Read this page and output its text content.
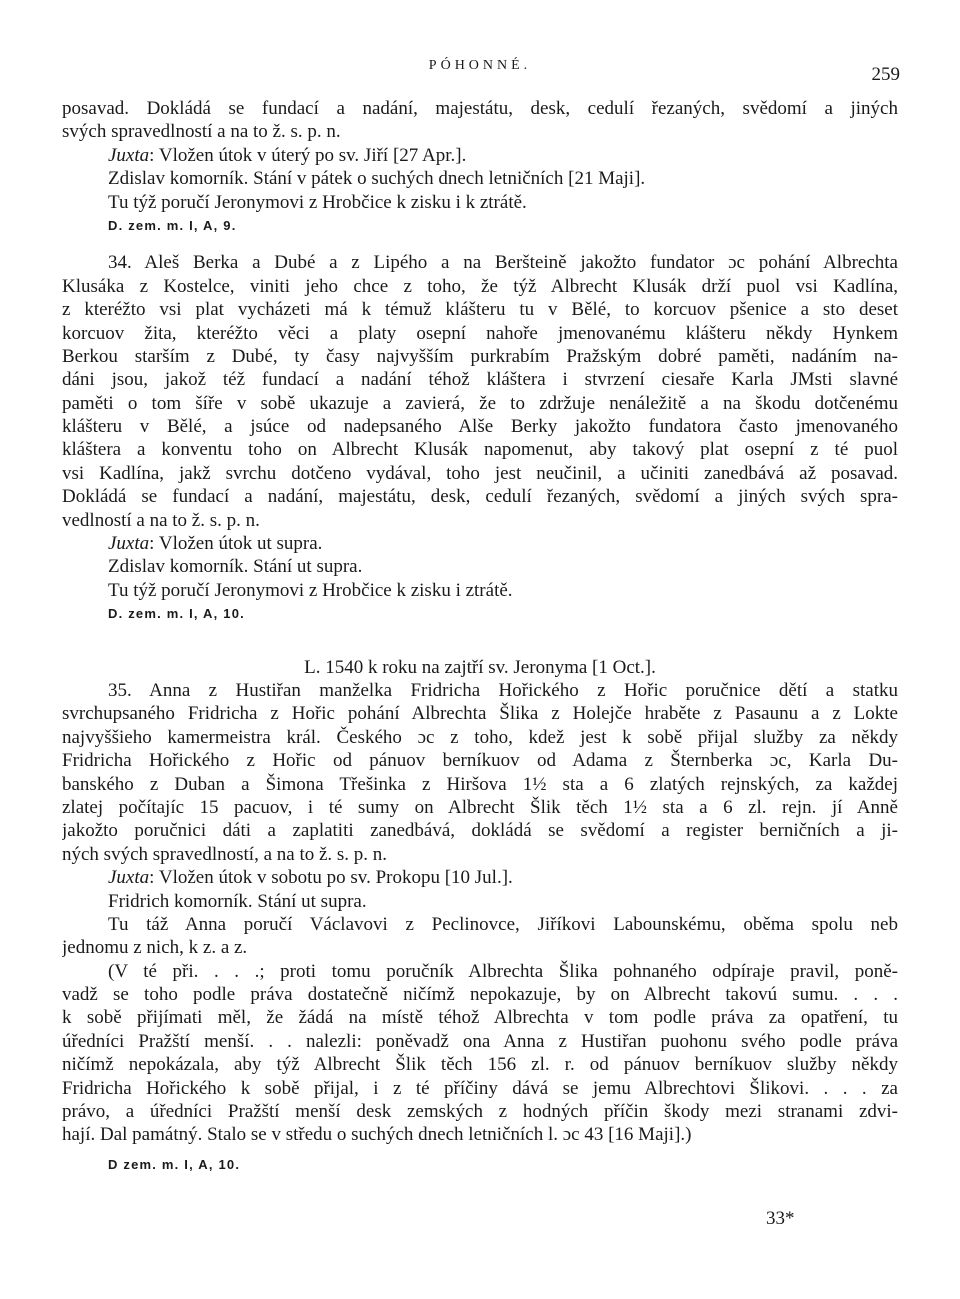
PÓHONNÉ.	259
posavad. Dokládá se fundací a nadání, majestátu, desk, cedulí řezaných, svědomí a jiných
svých spravedlností a na to ž. s. p. n.
Juxta: Vložen útok v úterý po sv. Jiří [27 Apr.].
Zdislav komorník. Stání v pátek o suchých dnech letničních [21 Maji].
Tu týž poručí Jeronymovi z Hrobčice k zisku i k ztrátě.
D. zem. m. I, A, 9.
34. Aleš Berka a Dubé a z Lipého a na Beršteině jakožto fundator ɔc pohání Albrechta
Klusáka z Kostelce, viniti jeho chce z toho, že týž Albrecht Klusák drží puol vsi Kadlína,
z kteréžto vsi plat vycházeti má k témuž klášteru tu v Bělé, to korcuov pšenice a sto deset
korcuov žita, kteréžto věci a platy osepní nahoře jmenovanému klášteru někdy Hynkem
Berkou starším z Dubé, ty časy najvyšším purkrabím Pražským dobré paměti, nadáním na-
dáni jsou, jakož též fundací a nadání téhož kláštera i stvrzení ciesaře Karla JMsti slavné
paměti o tom šíře v sobě ukazuje a zavierá, že to zdržuje nenáležitě a na škodu dotčenému
klášteru v Bělé, a jsúce od nadepsaného Alše Berky jakožto fundatora často jmenovaného
kláštera a konventu toho on Albrecht Klusák napomenut, aby takový plat osepní z té puol
vsi Kadlína, jakž svrchu dotčeno vydával, toho jest neučinil, a učiniti zanedbává až posavad.
Dokládá se fundací a nadání, majestátu, desk, cedulí řezaných, svědomí a jiných svých spra-
vedlností a na to ž. s. p. n.
Juxta: Vložen útok ut supra.
Zdislav komorník. Stání ut supra.
Tu týž poručí Jeronymovi z Hrobčice k zisku i ztrátě.
D. zem. m. I, A, 10.
L. 1540 k roku na zajtří sv. Jeronyma [1 Oct.].
35. Anna z Hustiřan manželka Fridricha Hořického z Hořic poručnice dětí a statku
svrchupsaného Fridricha z Hořic pohání Albrechta Šlika z Holejče hraběte z Pasaunu a z Lokte
najvyššieho kamermeistra král. Českého ɔc z toho, kdež jest k sobě přijal služby za někdy
Fridricha Hořického z Hořic od pánuov berníkuov od Adama z Šternberka ɔc, Karla Du-
banského z Duban a Šimona Třešinka z Hiršova 1½ sta a 6 zlatých rejnských, za každej
zlatej počítajíc 15 pacuov, i té sumy on Albrecht Šlik těch 1½ sta a 6 zl. rejn. jí Anně
jakožto poručnici dáti a zaplatiti zanedbává, dokládá se svědomí a register berničních a ji-
ných svých spravedlností, a na to ž. s. p. n.
Juxta: Vložen útok v sobotu po sv. Prokopu [10 Jul.].
Fridrich komorník. Stání ut supra.
Tu táž Anna poručí Václavovi z Peclinovce, Jiříkovi Labounskému, oběma spolu neb
jednomu z nich, k z. a z.
(V té při. . . .; proti tomu poručník Albrechta Šlika pohnaného odpíraje pravil, poně-
vadž se toho podle práva dostatečně ničímž nepokazuje, by on Albrecht takovú sumu. . . .
k sobě přijímati měl, že žádá na místě téhož Albrechta v tom podle práva za opatření, tu
úředníci Pražští menší. . . nalezli: poněvadž ona Anna z Hustiřan puohonu svého podle práva
ničímž nepokázala, aby týž Albrecht Šlik těch 156 zl. r. od pánuov berníkuov služby někdy
Fridricha Hořického k sobě přijal, i z té příčiny dává se jemu Albrechtovi Šlikovi. . . . za
právo, a úředníci Pražští menší desk zemských z hodných příčin škody mezi stranami zdvi-
hají. Dal památný. Stalo se v středu o suchých dnech letničních l. ɔc 43 [16 Maji].)
D zem. m. I, A, 10.
33*
